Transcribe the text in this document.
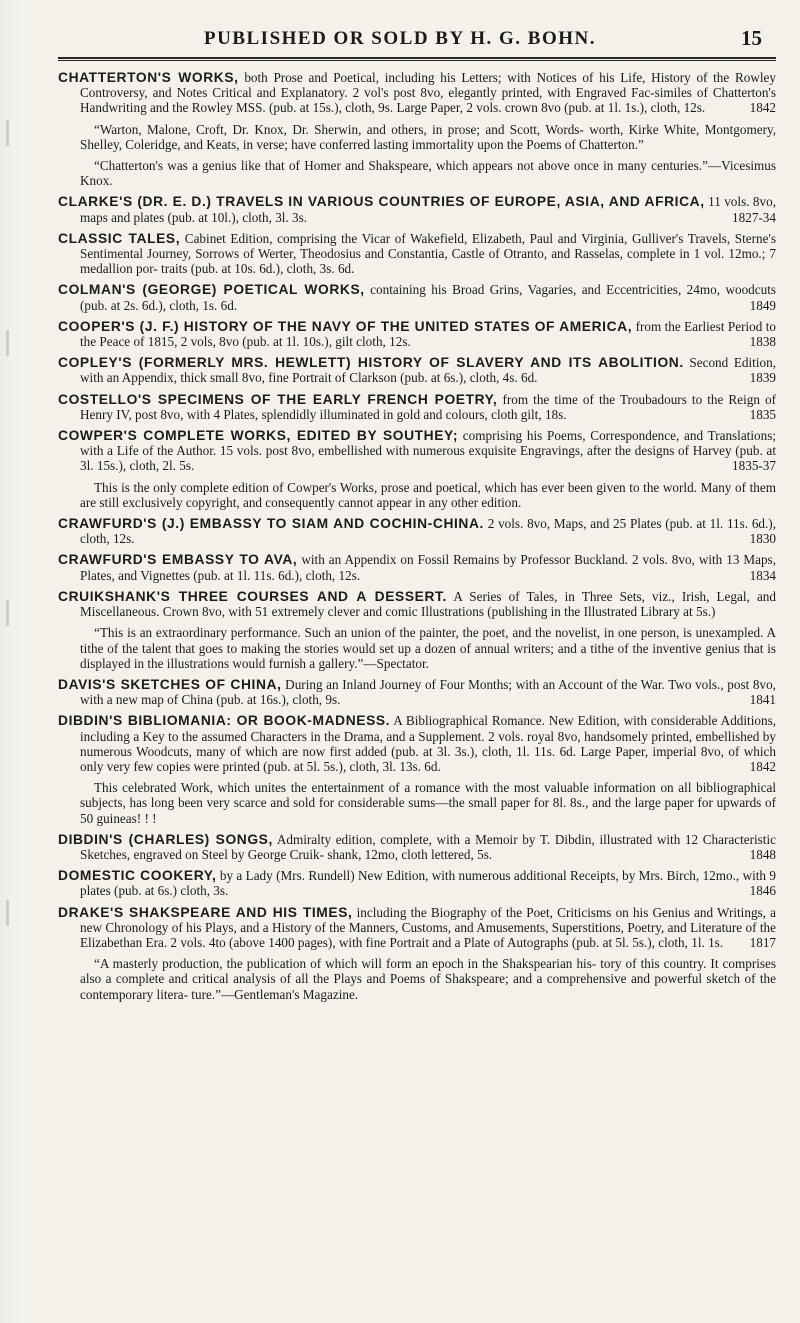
PUBLISHED OR SOLD BY H. G. BOHN.	15

CHATTERTON'S WORKS, both Prose and Poetical, including his Letters; with Notices of his Life, History of the Rowley Controversy, and Notes Critical and Explanatory. 2 vol's post 8vo, elegantly printed, with Engraved Fac-similes of Chatterton's Handwriting and the Rowley MSS. (pub. at 15s.), cloth, 9s. Large Paper, 2 vols. crown 8vo (pub. at 1l. 1s.), cloth, 12s.	1842

“Warton, Malone, Croft, Dr. Knox, Dr. Sherwin, and others, in prose; and Scott, Words- worth, Kirke White, Montgomery, Shelley, Coleridge, and Keats, in verse; have conferred lasting immortality upon the Poems of Chatterton.”

“Chatterton's was a genius like that of Homer and Shakspeare, which appears not above once in many centuries.”—Vicesimus Knox.

CLARKE'S (DR. E. D.) TRAVELS IN VARIOUS COUNTRIES OF EUROPE, ASIA, AND AFRICA, 11 vols. 8vo, maps and plates (pub. at 10l.), cloth, 3l. 3s.	1827-34

CLASSIC TALES, Cabinet Edition, comprising the Vicar of Wakefield, Elizabeth, Paul and Virginia, Gulliver's Travels, Sterne's Sentimental Journey, Sorrows of Werter, Theodosius and Constantia, Castle of Otranto, and Rasselas, complete in 1 vol. 12mo.; 7 medallion por- traits (pub. at 10s. 6d.), cloth, 3s. 6d.

COLMAN'S (GEORGE) POETICAL WORKS, containing his Broad Grins, Vagaries, and Eccentricities, 24mo, woodcuts (pub. at 2s. 6d.), cloth, 1s. 6d.	1849

COOPER'S (J. F.) HISTORY OF THE NAVY OF THE UNITED STATES OF AMERICA, from the Earliest Period to the Peace of 1815, 2 vols, 8vo (pub. at 1l. 10s.), gilt cloth, 12s.	1838

COPLEY'S (FORMERLY MRS. HEWLETT) HISTORY OF SLAVERY AND ITS ABOLITION. Second Edition, with an Appendix, thick small 8vo, fine Portrait of Clarkson (pub. at 6s.), cloth, 4s. 6d.	1839

COSTELLO'S SPECIMENS OF THE EARLY FRENCH POETRY, from the time of the Troubadours to the Reign of Henry IV, post 8vo, with 4 Plates, splendidly illuminated in gold and colours, cloth gilt, 18s.	1835

COWPER'S COMPLETE WORKS, EDITED BY SOUTHEY; comprising his Poems, Correspondence, and Translations; with a Life of the Author. 15 vols. post 8vo, embellished with numerous exquisite Engravings, after the designs of Harvey (pub. at 3l. 15s.), cloth, 2l. 5s.	1835-37

This is the only complete edition of Cowper's Works, prose and poetical, which has ever been given to the world. Many of them are still exclusively copyright, and consequently cannot appear in any other edition.

CRAWFURD'S (J.) EMBASSY TO SIAM AND COCHIN-CHINA. 2 vols. 8vo, Maps, and 25 Plates (pub. at 1l. 11s. 6d.), cloth, 12s.	1830

CRAWFURD'S EMBASSY TO AVA, with an Appendix on Fossil Remains by Professor Buckland. 2 vols. 8vo, with 13 Maps, Plates, and Vignettes (pub. at 1l. 11s. 6d.), cloth, 12s.	1834

CRUIKSHANK'S THREE COURSES AND A DESSERT. A Series of Tales, in Three Sets, viz., Irish, Legal, and Miscellaneous. Crown 8vo, with 51 extremely clever and comic Illustrations (publishing in the Illustrated Library at 5s.)

“This is an extraordinary performance. Such an union of the painter, the poet, and the novelist, in one person, is unexampled. A tithe of the talent that goes to making the stories would set up a dozen of annual writers; and a tithe of the inventive genius that is displayed in the illustrations would furnish a gallery.”—Spectator.

DAVIS'S SKETCHES OF CHINA, During an Inland Journey of Four Months; with an Account of the War. Two vols., post 8vo, with a new map of China (pub. at 16s.), cloth, 9s.	1841

DIBDIN'S BIBLIOMANIA: OR BOOK-MADNESS. A Bibliographical Romance. New Edition, with considerable Additions, including a Key to the assumed Characters in the Drama, and a Supplement. 2 vols. royal 8vo, handsomely printed, embellished by numerous Woodcuts, many of which are now first added (pub. at 3l. 3s.), cloth, 1l. 11s. 6d. Large Paper, imperial 8vo, of which only very few copies were printed (pub. at 5l. 5s.), cloth, 3l. 13s. 6d.	1842

This celebrated Work, which unites the entertainment of a romance with the most valuable information on all bibliographical subjects, has long been very scarce and sold for considerable sums—the small paper for 8l. 8s., and the large paper for upwards of 50 guineas! ! !

DIBDIN'S (CHARLES) SONGS, Admiralty edition, complete, with a Memoir by T. Dibdin, illustrated with 12 Characteristic Sketches, engraved on Steel by George Cruik- shank, 12mo, cloth lettered, 5s.	1848

DOMESTIC COOKERY, by a Lady (Mrs. Rundell) New Edition, with numerous additional Receipts, by Mrs. Birch, 12mo., with 9 plates (pub. at 6s.) cloth, 3s.	1846

DRAKE'S SHAKSPEARE AND HIS TIMES, including the Biography of the Poet, Criticisms on his Genius and Writings, a new Chronology of his Plays, and a History of the Manners, Customs, and Amusements, Superstitions, Poetry, and Literature of the Elizabethan Era. 2 vols. 4to (above 1400 pages), with fine Portrait and a Plate of Autographs (pub. at 5l. 5s.), cloth, 1l. 1s. 1817

“A masterly production, the publication of which will form an epoch in the Shakspearian his- tory of this country. It comprises also a complete and critical analysis of all the Plays and Poems of Shakspeare; and a comprehensive and powerful sketch of the contemporary litera- ture.”—Gentleman's Magazine.
